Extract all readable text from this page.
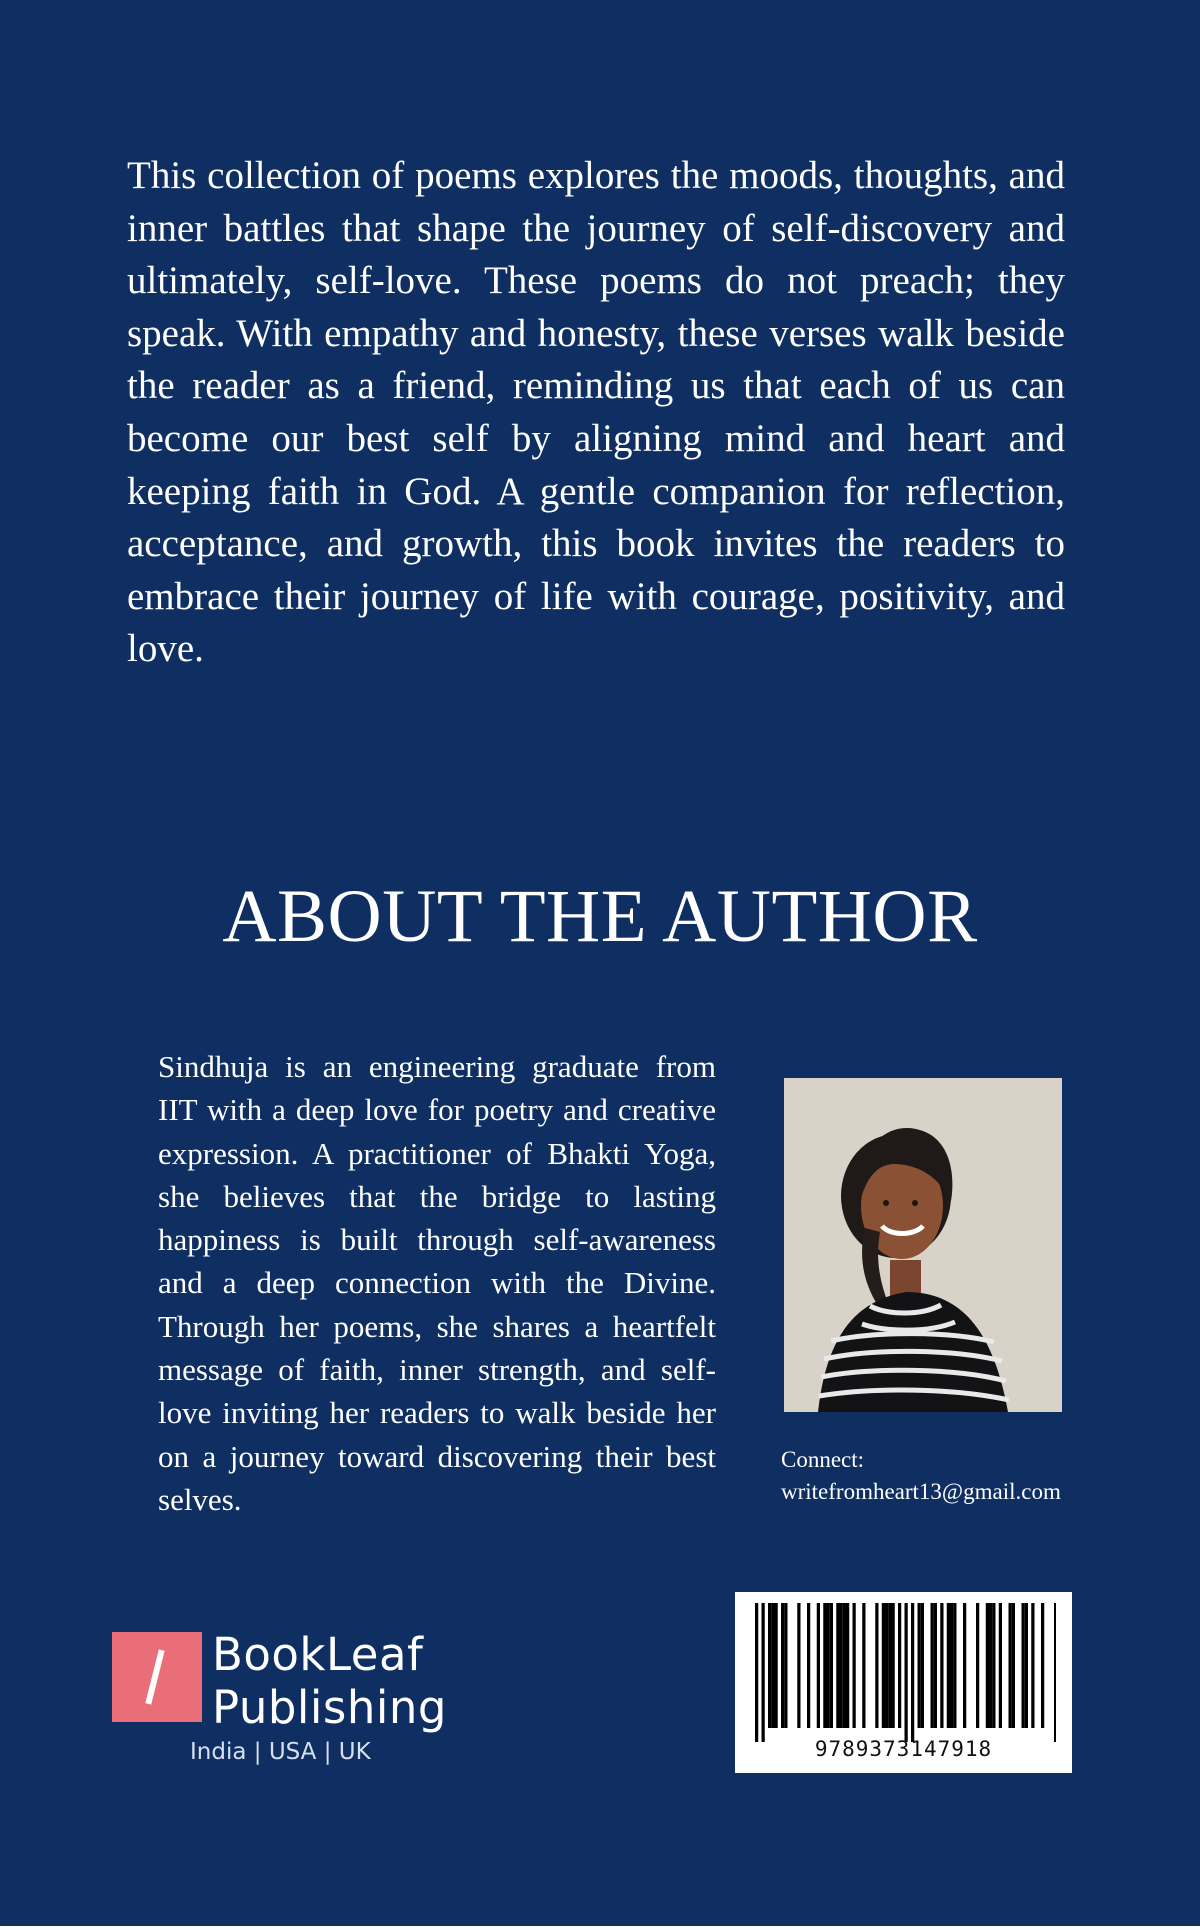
This collection of poems explores the moods, thoughts, and inner battles that shape the journey of self-discovery and ultimately, self-love. These poems do not preach; they speak. With empathy and honesty, these verses walk beside the reader as a friend, reminding us that each of us can become our best self by aligning mind and heart and keeping faith in God. A gentle companion for reflection, acceptance, and growth, this book invites the readers to embrace their journey of life with courage, positivity, and love.

ABOUT THE AUTHOR

Sindhuja is an engineering graduate from IIT with a deep love for poetry and creative expression. A practitioner of Bhakti Yoga, she believes that the bridge to lasting happiness is built through self-awareness and a deep connection with the Divine. Through her poems, she shares a heartfelt message of faith, inner strength, and self-love inviting her readers to walk beside her on a journey toward discovering their best selves.

Connect:
writefromheart13@gmail.com

BookLeaf
Publishing
India | USA | UK	9789373147918
